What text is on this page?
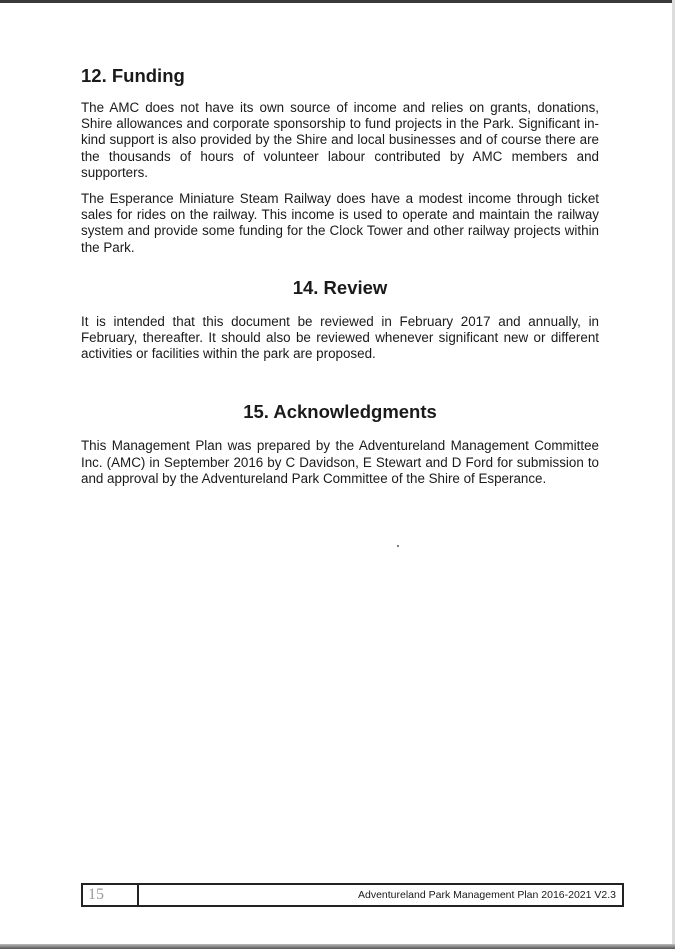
12. Funding

The AMC does not have its own source of income and relies on grants, donations, Shire allowances and corporate sponsorship to fund projects in the Park. Significant in-kind support is also provided by the Shire and local businesses and of course there are the thousands of hours of volunteer labour contributed by AMC members and supporters.

The Esperance Miniature Steam Railway does have a modest income through ticket sales for rides on the railway. This income is used to operate and maintain the railway system and provide some funding for the Clock Tower and other railway projects within the Park.

14. Review

It is intended that this document be reviewed in February 2017 and annually, in February, thereafter. It should also be reviewed whenever significant new or different activities or facilities within the park are proposed.

15. Acknowledgments

This Management Plan was prepared by the Adventureland Management Committee Inc. (AMC) in September 2016 by C Davidson, E Stewart and D Ford for submission to and approval by the Adventureland Park Committee of the Shire of Esperance.

15	Adventureland Park Management Plan 2016-2021 V2.3
